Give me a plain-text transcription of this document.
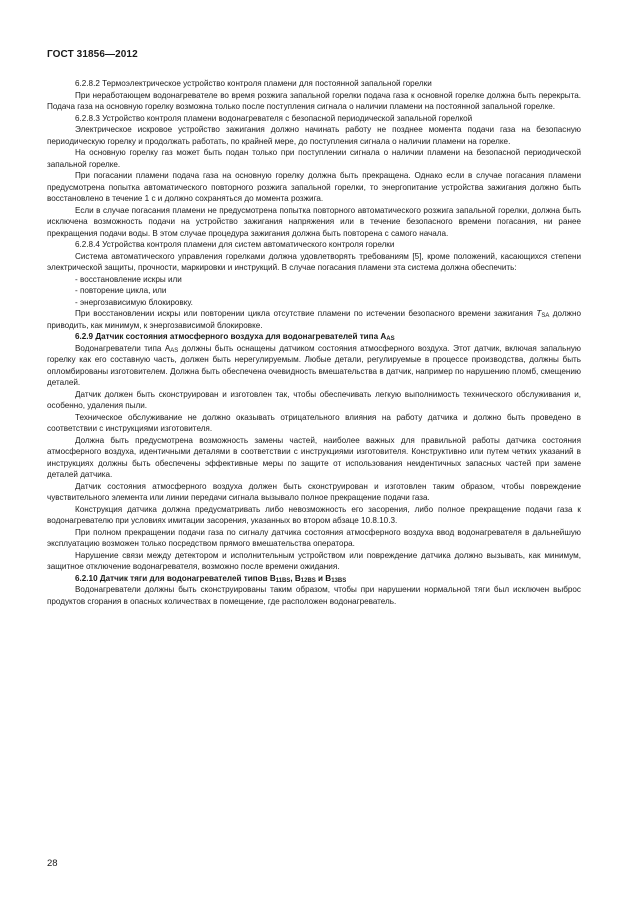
ГОСТ 31856—2012

6.2.8.2 Термоэлектрическое устройство контроля пламени для постоянной запальной горелки

При неработающем водонагревателе во время розжига запальной горелки подача газа к основной горелке должна быть перекрыта. Подача газа на основную горелку возможна только после поступления сигнала о наличии пламени на постоянной запальной горелке.

6.2.8.3 Устройство контроля пламени водонагревателя с безопасной периодической запальной горелкой

Электрическое искровое устройство зажигания должно начинать работу не позднее момента подачи газа на безопасную периодическую горелку и продолжать работать, по крайней мере, до поступления сигнала о наличии пламени на горелке.

На основную горелку газ может быть подан только при поступлении сигнала о наличии пламени на безопасной периодической запальной горелке.

При погасании пламени подача газа на основную горелку должна быть прекращена. Однако если в случае погасания пламени предусмотрена попытка автоматического повторного розжига запальной горелки, то энергопитание устройства зажигания должно быть восстановлено в течение 1 с и должно сохраняться до момента розжига.

Если в случае погасания пламени не предусмотрена попытка повторного автоматического розжига запальной горелки, должна быть исключена возможность подачи на устройство зажигания напряжения или в течение безопасного времени погасания, ни ранее прекращения подачи воды. В этом случае процедура зажигания должна быть повторена с самого начала.

6.2.8.4 Устройства контроля пламени для систем автоматического контроля горелки

Система автоматического управления горелками должна удовлетворять требованиям [5], кроме положений, касающихся степени электрической защиты, прочности, маркировки и инструкций. В случае погасания пламени эта система должна обеспечить:

- восстановление искры или

- повторение цикла, или

- энергозависимую блокировку.

При восстановлении искры или повторении цикла отсутствие пламени по истечении безопасного времени зажигания $T_{SA}$ должно приводить, как минимум, к энергозависимой блокировке.

6.2.9 Датчик состояния атмосферного воздуха для водонагревателей типа $A_{AS}$

Водонагреватели типа $A_{AS}$ должны быть оснащены датчиком состояния атмосферного воздуха. Этот датчик, включая запальную горелку как его составную часть, должен быть нерегулируемым. Любые детали, регулируемые в процессе производства, должны быть опломбированы изготовителем. Должна быть обеспечена очевидность вмешательства в датчик, например по нарушению пломб, смещению деталей.

Датчик должен быть сконструирован и изготовлен так, чтобы обеспечивать легкую выполнимость технического обслуживания и, особенно, удаления пыли.

Техническое обслуживание не должно оказывать отрицательного влияния на работу датчика и должно быть проведено в соответствии с инструкциями изготовителя.

Должна быть предусмотрена возможность замены частей, наиболее важных для правильной работы датчика состояния атмосферного воздуха, идентичными деталями в соответствии с инструкциями изготовителя. Конструктивно или путем четких указаний в инструкциях должны быть обеспечены эффективные меры по защите от использования неидентичных запасных частей при замене деталей датчика.

Датчик состояния атмосферного воздуха должен быть сконструирован и изготовлен таким образом, чтобы повреждение чувствительного элемента или линии передачи сигнала вызывало полное прекращение подачи газа.

Конструкция датчика должна предусматривать либо невозможность его засорения, либо полное прекращение подачи газа к водонагревателю при условиях имитации засорения, указанных во втором абзаце 10.8.10.3.

При полном прекращении подачи газа по сигналу датчика состояния атмосферного воздуха ввод водонагревателя в дальнейшую эксплуатацию возможен только посредством прямого вмешательства оператора.

Нарушение связи между детектором и исполнительным устройством или повреждение датчика должно вызывать, как минимум, защитное отключение водонагревателя, возможно после времени ожидания.

6.2.10 Датчик тяги для водонагревателей типов $B_{11BS}$, $B_{12BS}$ и $B_{13BS}$

Водонагреватели должны быть сконструированы таким образом, чтобы при нарушении нормальной тяги был исключен выброс продуктов сгорания в опасных количествах в помещение, где расположен водонагреватель.

28
